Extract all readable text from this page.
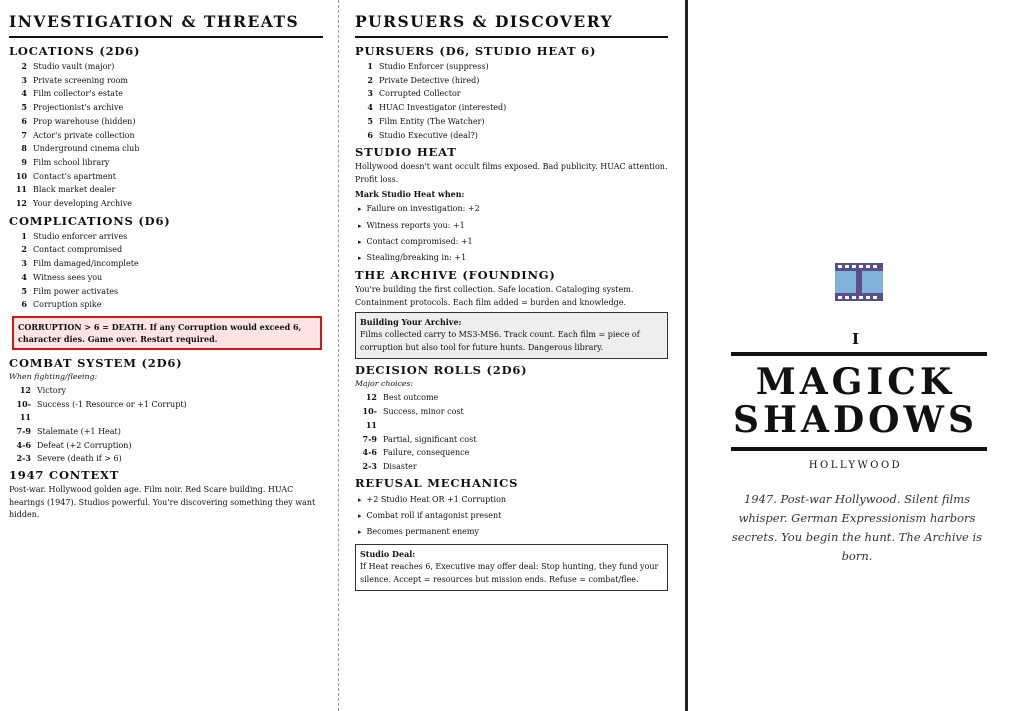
INVESTIGATION & THREATS
LOCATIONS (2D6)
2 Studio vault (major)
3 Private screening room
4 Film collector's estate
5 Projectionist's archive
6 Prop warehouse (hidden)
7 Actor's private collection
8 Underground cinema club
9 Film school library
10 Contact's apartment
11 Black market dealer
12 Your developing Archive
COMPLICATIONS (D6)
1 Studio enforcer arrives
2 Contact compromised
3 Film damaged/incomplete
4 Witness sees you
5 Film power activates
6 Corruption spike
CORRUPTION > 6 = DEATH. If any Corruption would exceed 6, character dies. Game over. Restart required.
COMBAT SYSTEM (2D6)
When fighting/fleeing:
12 Victory
10- Success (-1 Resource or +1 Corrupt)
11
7-9 Stalemate (+1 Heat)
4-6 Defeat (+2 Corruption)
2-3 Severe (death if > 6)
1947 CONTEXT
Post-war. Hollywood golden age. Film noir. Red Scare building. HUAC hearings (1947). Studios powerful. You're discovering something they want hidden.
PURSUERS & DISCOVERY
PURSUERS (D6, STUDIO HEAT 6)
1 Studio Enforcer (suppress)
2 Private Detective (hired)
3 Corrupted Collector
4 HUAC Investigator (interested)
5 Film Entity (The Watcher)
6 Studio Executive (deal?)
STUDIO HEAT
Hollywood doesn't want occult films exposed. Bad publicity. HUAC attention. Profit loss.
Mark Studio Heat when:
▸ Failure on investigation: +2
▸ Witness reports you: +1
▸ Contact compromised: +1
▸ Stealing/breaking in: +1
THE ARCHIVE (FOUNDING)
You're building the first collection. Safe location. Cataloging system. Containment protocols. Each film added = burden and knowledge.
Building Your Archive:
Films collected carry to MS3-MS6. Track count. Each film = piece of corruption but also tool for future hunts. Dangerous library.
DECISION ROLLS (2D6)
Major choices:
12 Best outcome
10- Success, minor cost
11
7-9 Partial, significant cost
4-6 Failure, consequence
2-3 Disaster
REFUSAL MECHANICS
▸ +2 Studio Heat OR +1 Corruption
▸ Combat roll if antagonist present
▸ Becomes permanent enemy
Studio Deal:
If Heat reaches 6, Executive may offer deal: Stop hunting, they fund your silence. Accept = resources but mission ends. Refuse = combat/flee.
I
MAGICK
SHADOWS
HOLLYWOOD
1947. Post-war Hollywood. Silent films whisper. German Expressionism harbors secrets. You begin the hunt. The Archive is born.
